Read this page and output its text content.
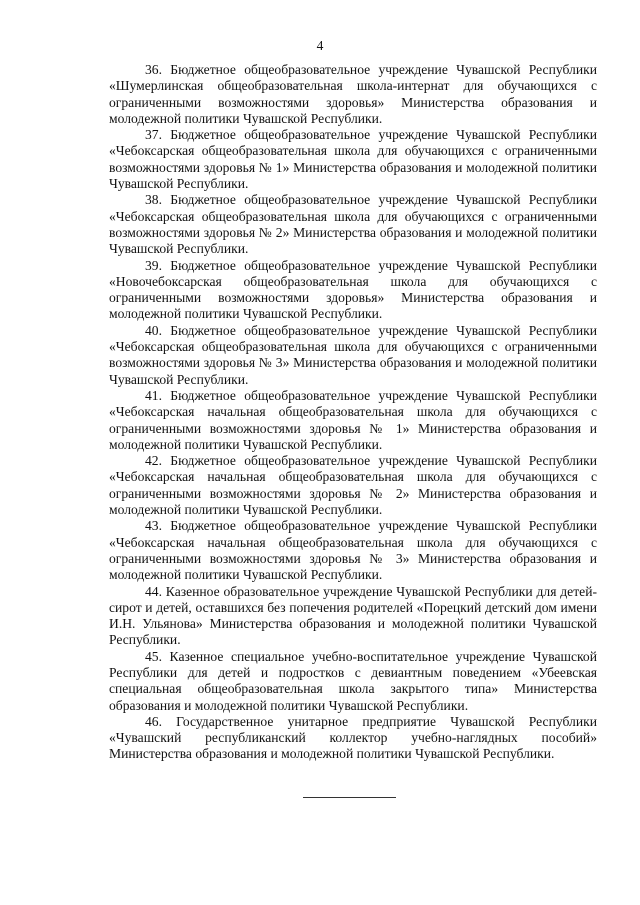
4

36. Бюджетное общеобразовательное учреждение Чувашской Республики «Шумерлинская общеобразовательная школа-интернат для обучающихся с ограниченными возможностями здоровья» Министерства образования и молодежной политики Чувашской Республики.

37. Бюджетное общеобразовательное учреждение Чувашской Республики «Чебоксарская общеобразовательная школа для обучающихся с ограниченными возможностями здоровья № 1» Министерства образования и молодежной политики Чувашской Республики.

38. Бюджетное общеобразовательное учреждение Чувашской Республики «Чебоксарская общеобразовательная школа для обучающихся с ограниченными возможностями здоровья № 2» Министерства образования и молодежной политики Чувашской Республики.

39. Бюджетное общеобразовательное учреждение Чувашской Республики «Новочебоксарская общеобразовательная школа для обучающихся с ограниченными возможностями здоровья» Министерства образования и молодежной политики Чувашской Республики.

40. Бюджетное общеобразовательное учреждение Чувашской Республики «Чебоксарская общеобразовательная школа для обучающихся с ограниченными возможностями здоровья № 3» Министерства образования и молодежной политики Чувашской Республики.

41. Бюджетное общеобразовательное учреждение Чувашской Республики «Чебоксарская начальная общеобразовательная школа для обучающихся с ограниченными возможностями здоровья № 1» Министерства образования и молодежной политики Чувашской Республики.

42. Бюджетное общеобразовательное учреждение Чувашской Республики «Чебоксарская начальная общеобразовательная школа для обучающихся с ограниченными возможностями здоровья № 2» Министерства образования и молодежной политики Чувашской Республики.

43. Бюджетное общеобразовательное учреждение Чувашской Республики «Чебоксарская начальная общеобразовательная школа для обучающихся с ограниченными возможностями здоровья № 3» Министерства образования и молодежной политики Чувашской Республики.

44. Казенное образовательное учреждение Чувашской Республики для детей-сирот и детей, оставшихся без попечения родителей «Порецкий детский дом имени И.Н. Ульянова» Министерства образования и молодежной политики Чувашской Республики.

45. Казенное специальное учебно-воспитательное учреждение Чувашской Республики для детей и подростков с девиантным поведением «Убеевская специальная общеобразовательная школа закрытого типа» Министерства образования и молодежной политики Чувашской Республики.

46. Государственное унитарное предприятие Чувашской Республики «Чувашский республиканский коллектор учебно-наглядных пособий» Министерства образования и молодежной политики Чувашской Республики.
